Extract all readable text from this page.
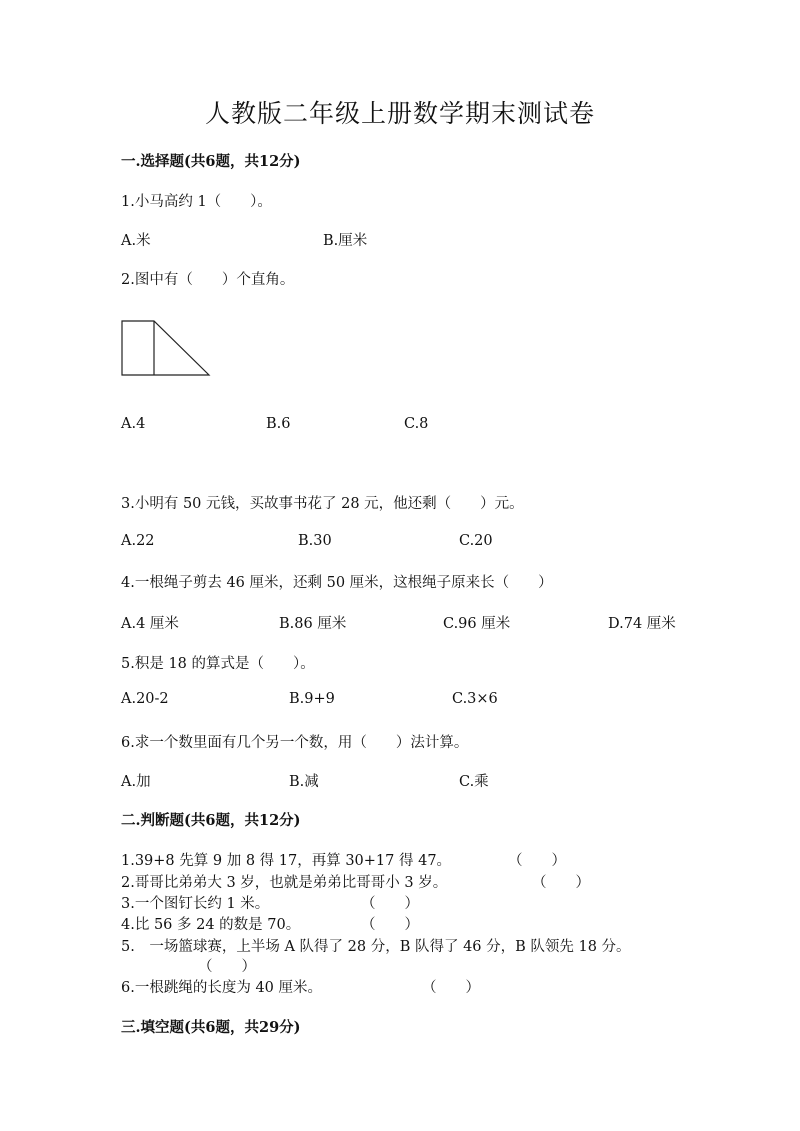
人教版二年级上册数学期末测试卷
一.选择题(共6题，共12分)
1.小马高约 1（　　）。
A.米	B.厘米
2.图中有（　　）个直角。
A.4	B.6	C.8
3.小明有 50 元钱，买故事书花了 28 元，他还剩（　　）元。
A.22	B.30	C.20
4.一根绳子剪去 46 厘米，还剩 50 厘米，这根绳子原来长（　　）
A.4 厘米	B.86 厘米	C.96 厘米	D.74 厘米
5.积是 18 的算式是（　　）。
A.20-2	B.9+9	C.3×6
6.求一个数里面有几个另一个数，用（　　）法计算。
A.加	B.减	C.乘
二.判断题(共6题，共12分)
1.39+8 先算 9 加 8 得 17，再算 30+17 得 47。	（　　）
2.哥哥比弟弟大 3 岁，也就是弟弟比哥哥小 3 岁。	（　　）
3.一个图钉长约 1 米。	（　　）
4.比 56 多 24 的数是 70。	（　　）
5.　一场篮球赛，上半场 A 队得了 28 分，B 队得了 46 分，B 队领先 18 分。
（　　）
6.一根跳绳的长度为 40 厘米。	（　　）
三.填空题(共6题，共29分)
